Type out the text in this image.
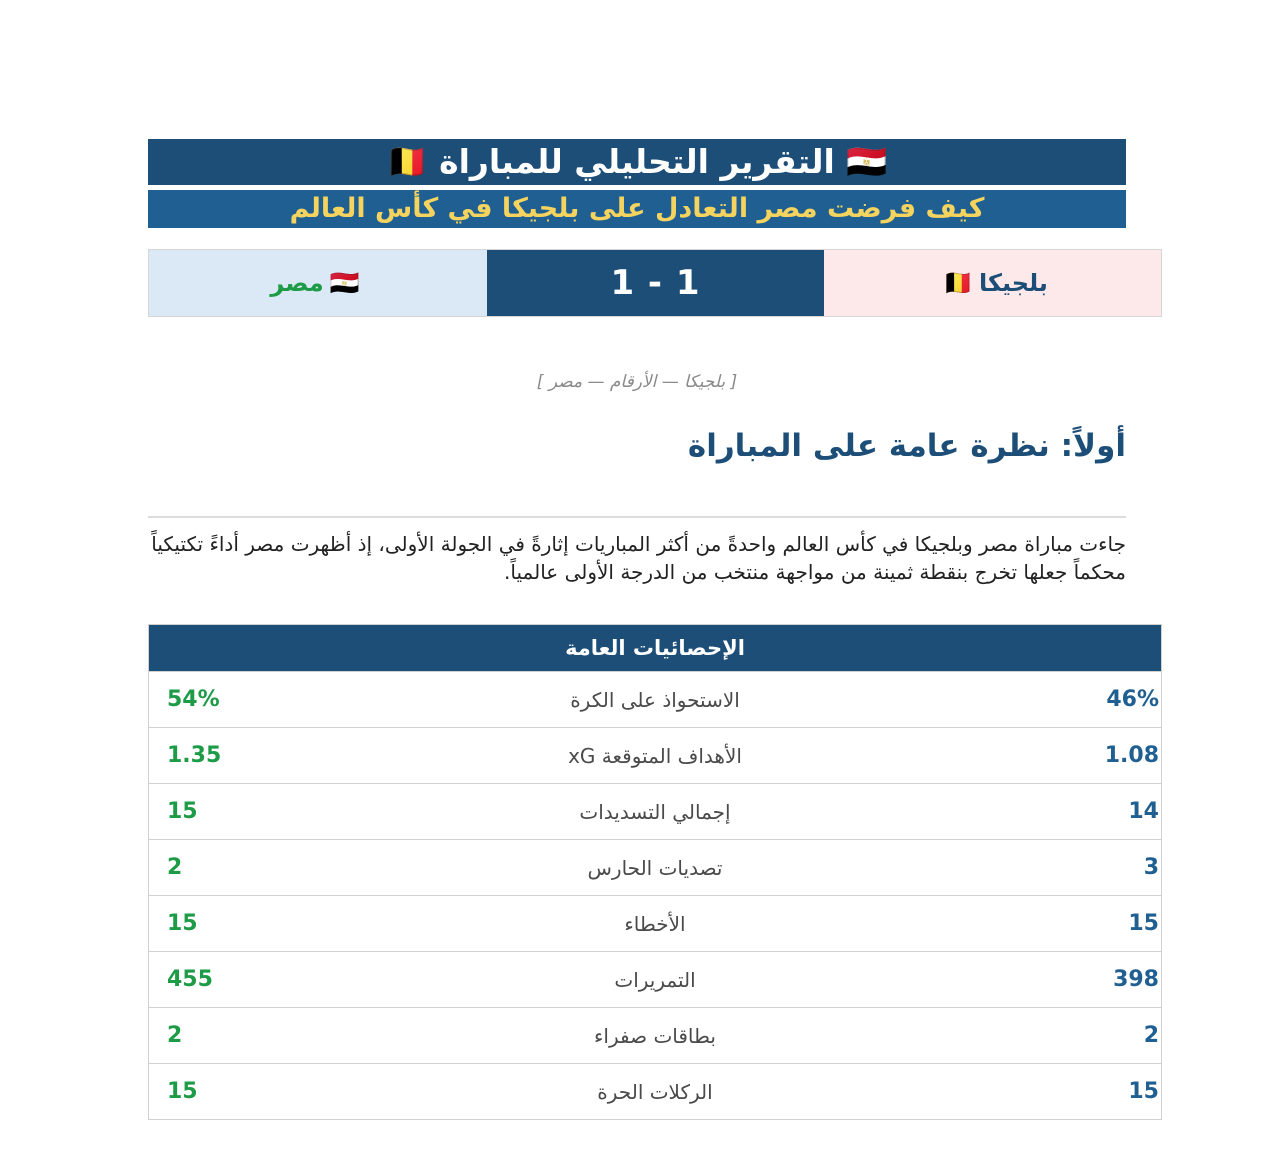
🇪🇬 التقرير التحليلي للمباراة 🇧🇪
كيف فرضت مصر التعادل على بلجيكا في كأس العالم
🇪🇬
مصر	1 - 1	بلجيكا
🇧🇪
[ بلجيكا — الأرقام — مصر ]
أولاً: نظرة عامة على المباراة
جاءت مباراة مصر وبلجيكا في كأس العالم واحدةً من أكثر المباريات إثارةً في الجولة الأولى، إذ أظهرت مصر أداءً تكتيكياً محكماً جعلها تخرج بنقطة ثمينة من مواجهة منتخب من الدرجة الأولى عالمياً.
الإحصائيات العامة
54%	الاستحواذ على الكرة	46%
1.35	الأهداف المتوقعة xG	1.08
15	إجمالي التسديدات	14
2	تصديات الحارس	3
15	الأخطاء	15
455	التمريرات	398
2	بطاقات صفراء	2
15	الركلات الحرة	15
